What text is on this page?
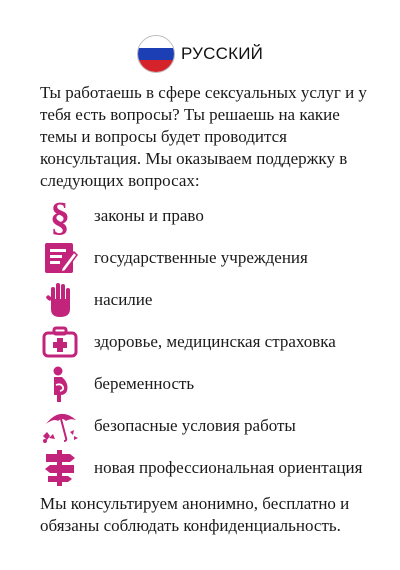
РУССКИЙ

Ты работаешь в сфере сексуальных услуг и у тебя есть вопросы? Ты решаешь на какие темы и вопросы будет проводится консультация. Мы оказываем поддержку в следующих вопросах:

§ законы и право
государственные учреждения
насилие
здоровье, медицинская страховка
беременность
безопасные условия работы
новая профессиональная ориентация

Мы консультируем анонимно, бесплатно и обязаны соблюдать конфиденциальность.
